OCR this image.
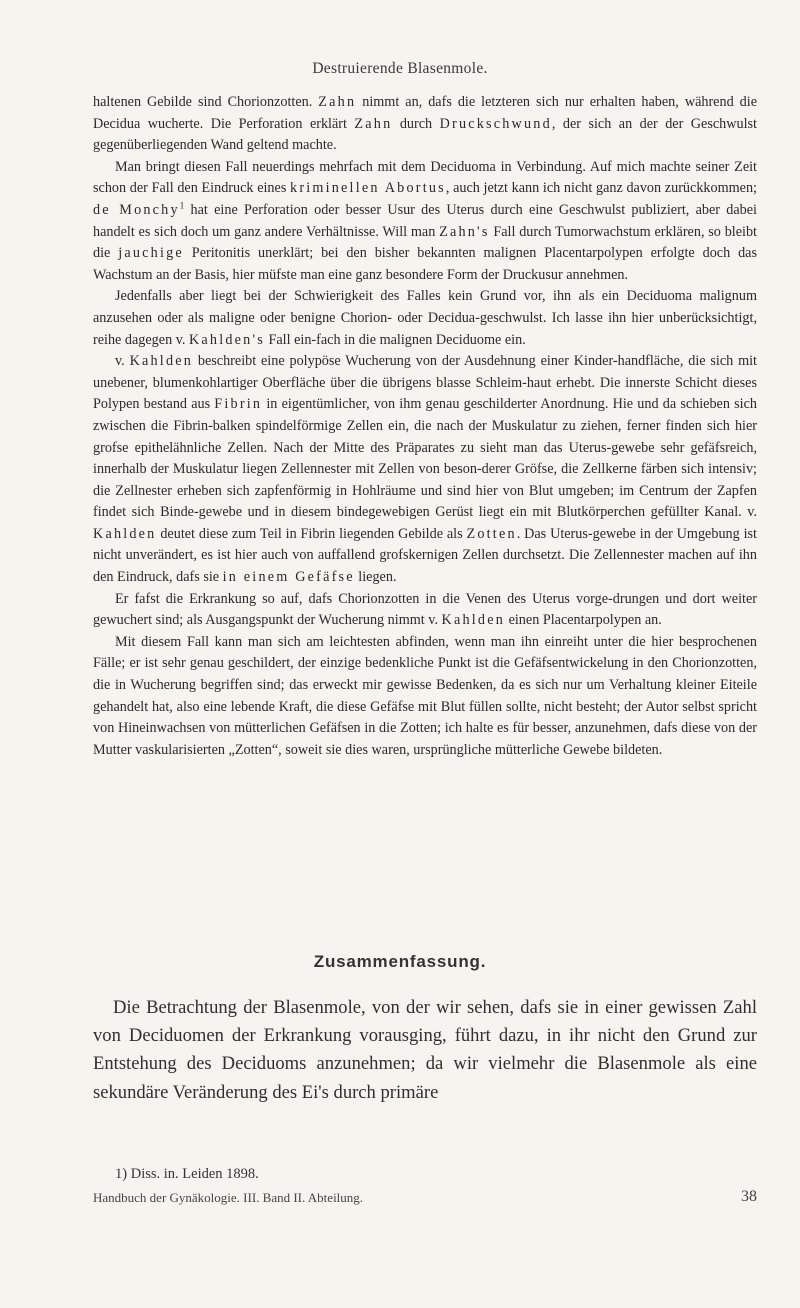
Destruierende Blasenmole.

haltenen Gebilde sind Chorionzotten. Zahn nimmt an, dafs die letzteren sich nur erhalten haben, während die Decidua wucherte. Die Perforation erklärt Zahn durch Druckschwund, der sich an der der Geschwulst gegenüberliegenden Wand geltend machte.

Man bringt diesen Fall neuerdings mehrfach mit dem Deciduoma in Verbindung. Auf mich machte seiner Zeit schon der Fall den Eindruck eines kriminellen Abortus, auch jetzt kann ich nicht ganz davon zurückkommen; de Monchy$^1$ hat eine Perforation oder besser Usur des Uterus durch eine Geschwulst publiziert, aber dabei handelt es sich doch um ganz andere Verhältnisse. Will man Zahn's Fall durch Tumorwachstum erklären, so bleibt die jauchige Peritonitis unerklärt; bei den bisher bekannten malignen Placentarpolypen erfolgte doch das Wachstum an der Basis, hier müfste man eine ganz besondere Form der Druckusur annehmen.

Jedenfalls aber liegt bei der Schwierigkeit des Falles kein Grund vor, ihn als ein Deciduoma malignum anzusehen oder als maligne oder benigne Chorion- oder Decidua-geschwulst. Ich lasse ihn hier unberücksichtigt, reihe dagegen v. Kahlden's Fall ein-fach in die malignen Deciduome ein.

v. Kahlden beschreibt eine polypöse Wucherung von der Ausdehnung einer Kinder-handfläche, die sich mit unebener, blumenkohlartiger Oberfläche über die übrigens blasse Schleim-haut erhebt. Die innerste Schicht dieses Polypen bestand aus Fibrin in eigentümlicher, von ihm genau geschilderter Anordnung. Hie und da schieben sich zwischen die Fibrin-balken spindelförmige Zellen ein, die nach der Muskulatur zu ziehen, ferner finden sich hier grofse epithelähnliche Zellen. Nach der Mitte des Präparates zu sieht man das Uterus-gewebe sehr gefäfsreich, innerhalb der Muskulatur liegen Zellennester mit Zellen von beson-derer Gröfse, die Zellkerne färben sich intensiv; die Zellnester erheben sich zapfenförmig in Hohlräume und sind hier von Blut umgeben; im Centrum der Zapfen findet sich Binde-gewebe und in diesem bindegewebigen Gerüst liegt ein mit Blutkörperchen gefüllter Kanal. v. Kahlden deutet diese zum Teil in Fibrin liegenden Gebilde als Zotten. Das Uterus-gewebe in der Umgebung ist nicht unverändert, es ist hier auch von auffallend grofskernigen Zellen durchsetzt. Die Zellennester machen auf ihn den Eindruck, dafs sie in einem Gefäfse liegen.

Er fafst die Erkrankung so auf, dafs Chorionzotten in die Venen des Uterus vorge-drungen und dort weiter gewuchert sind; als Ausgangspunkt der Wucherung nimmt v. Kahlden einen Placentarpolypen an.

Mit diesem Fall kann man sich am leichtesten abfinden, wenn man ihn einreiht unter die hier besprochenen Fälle; er ist sehr genau geschildert, der einzige bedenkliche Punkt ist die Gefäfsentwickelung in den Chorionzotten, die in Wucherung begriffen sind; das erweckt mir gewisse Bedenken, da es sich nur um Verhaltung kleiner Eiteile gehandelt hat, also eine lebende Kraft, die diese Gefäfse mit Blut füllen sollte, nicht besteht; der Autor selbst spricht von Hineinwachsen von mütterlichen Gefäfsen in die Zotten; ich halte es für besser, anzunehmen, dafs diese von der Mutter vaskularisierten „Zotten“, soweit sie dies waren, ursprüngliche mütterliche Gewebe bildeten.

Zusammenfassung.

Die Betrachtung der Blasenmole, von der wir sehen, dafs sie in einer gewissen Zahl von Deciduomen der Erkrankung vorausging, führt dazu, in ihr nicht den Grund zur Entstehung des Deciduoms anzunehmen; da wir vielmehr die Blasenmole als eine sekundäre Veränderung des Ei's durch primäre

1) Diss. in. Leiden 1898.
Handbuch der Gynäkologie. III. Band II. Abteilung.	38
